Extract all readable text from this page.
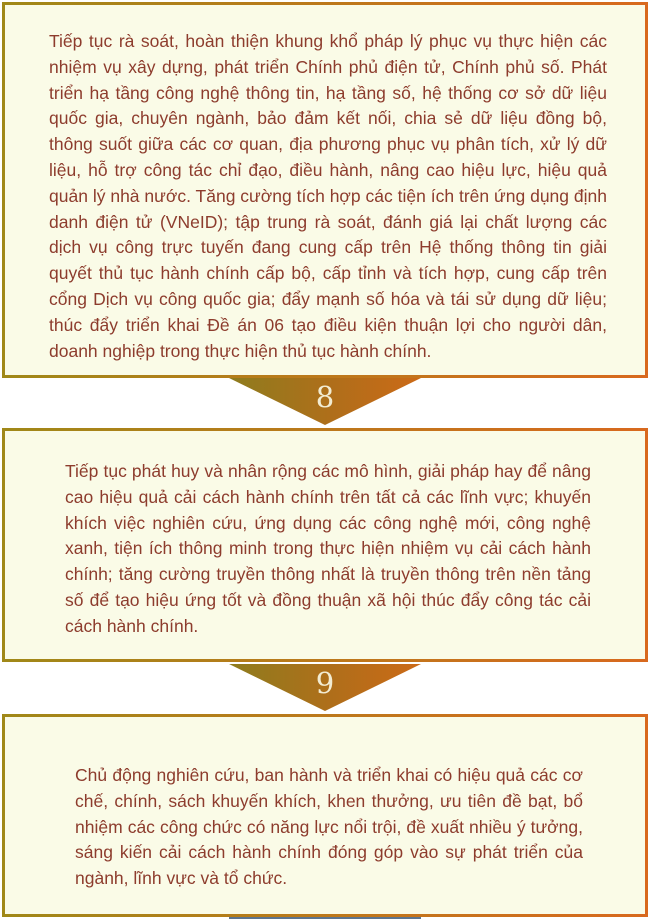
Tiếp tục rà soát, hoàn thiện khung khổ pháp lý phục vụ thực hiện các nhiệm vụ xây dựng, phát triển Chính phủ điện tử, Chính phủ số. Phát triển hạ tầng công nghệ thông tin, hạ tầng số, hệ thống cơ sở dữ liệu quốc gia, chuyên ngành, bảo đảm kết nối, chia sẻ dữ liệu đồng bộ, thông suốt giữa các cơ quan, địa phương phục vụ phân tích, xử lý dữ liệu, hỗ trợ công tác chỉ đạo, điều hành, nâng cao hiệu lực, hiệu quả quản lý nhà nước. Tăng cường tích hợp các tiện ích trên ứng dụng định danh điện tử (VNeID); tập trung rà soát, đánh giá lại chất lượng các dịch vụ công trực tuyến đang cung cấp trên Hệ thống thông tin giải quyết thủ tục hành chính cấp bộ, cấp tỉnh và tích hợp, cung cấp trên cổng Dịch vụ công quốc gia; đẩy mạnh số hóa và tái sử dụng dữ liệu; thúc đẩy triển khai Đề án 06 tạo điều kiện thuận lợi cho người dân, doanh nghiệp trong thực hiện thủ tục hành chính.

8

Tiếp tục phát huy và nhân rộng các mô hình, giải pháp hay để nâng cao hiệu quả cải cách hành chính trên tất cả các lĩnh vực; khuyến khích việc nghiên cứu, ứng dụng các công nghệ mới, công nghệ xanh, tiện ích thông minh trong thực hiện nhiệm vụ cải cách hành chính; tăng cường truyền thông nhất là truyền thông trên nền tảng số để tạo hiệu ứng tốt và đồng thuận xã hội thúc đẩy công tác cải cách hành chính.

9

Chủ động nghiên cứu, ban hành và triển khai có hiệu quả các cơ chế, chính, sách khuyến khích, khen thưởng, ưu tiên đề bạt, bổ nhiệm các công chức có năng lực nổi trội, đề xuất nhiều ý tưởng, sáng kiến cải cách hành chính đóng góp vào sự phát triển của ngành, lĩnh vực và tổ chức.
